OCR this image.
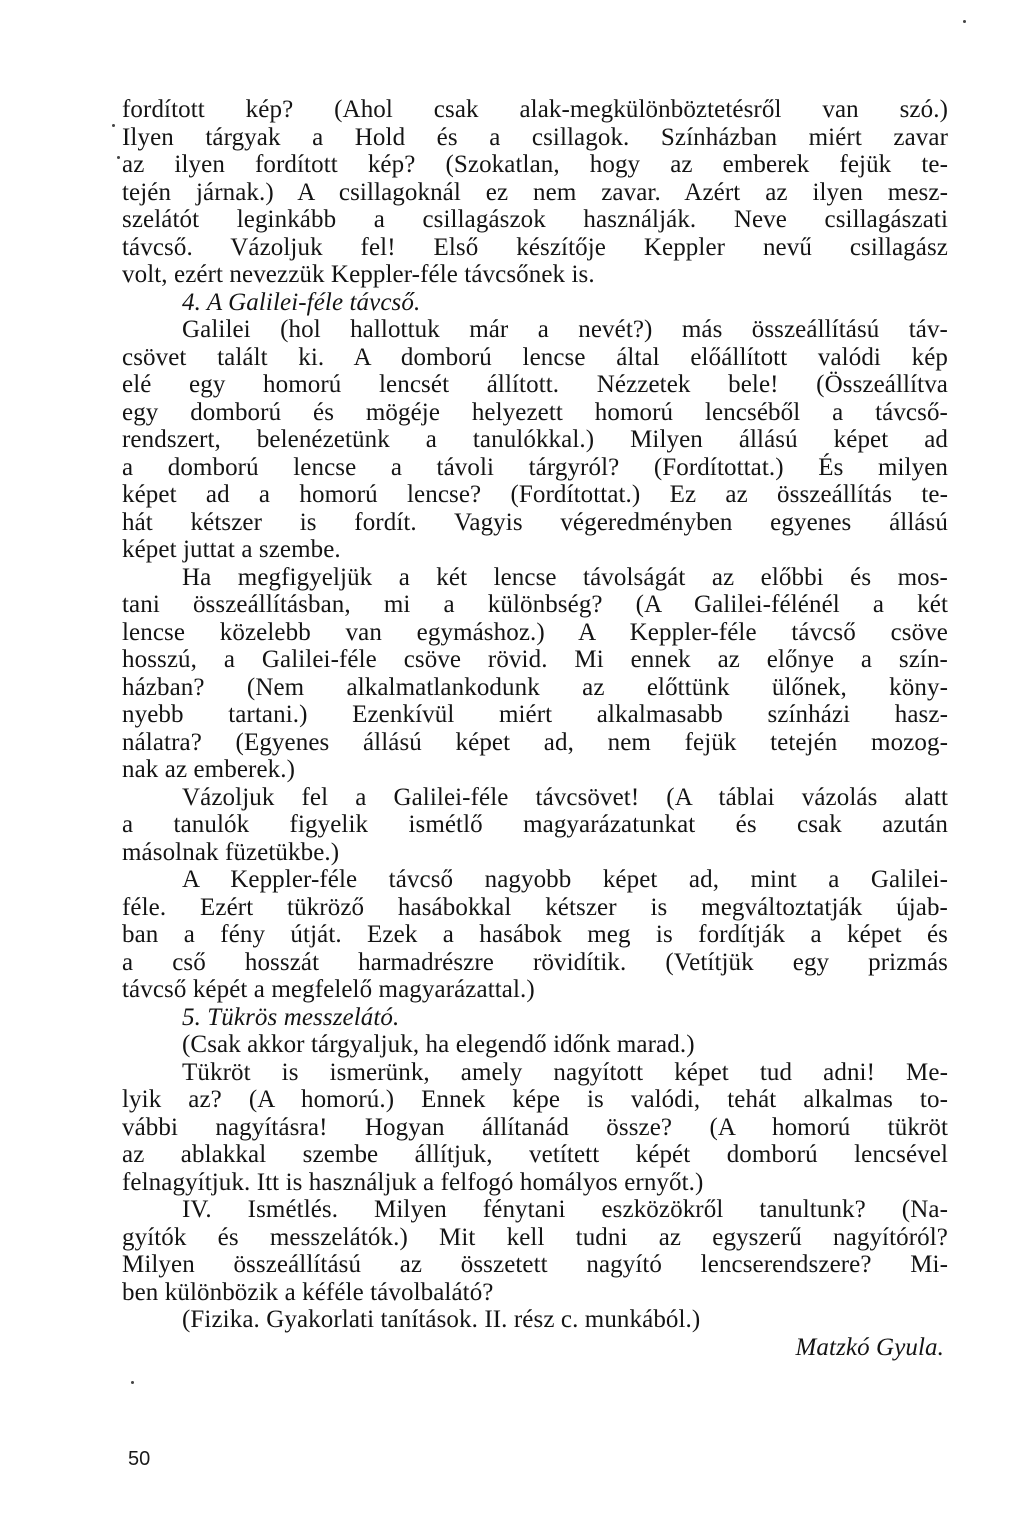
fordított kép? (Ahol csak alak-megkülönböztetésről van szó.)
Ilyen tárgyak a Hold és a csillagok. Színházban miért zavar
az ilyen fordított kép? (Szokatlan, hogy az emberek fejük te-
tején járnak.) A csillagoknál ez nem zavar. Azért az ilyen mesz-
szelátót leginkább a csillagászok használják. Neve csillagászati
távcső. Vázoljuk fel! Első készítője Keppler nevű csillagász
volt, ezért nevezzük Keppler-féle távcsőnek is.
4. A Galilei-féle távcső.
Galilei (hol hallottuk már a nevét?) más összeállítású táv-
csövet talált ki. A domború lencse által előállított valódi kép
elé egy homorú lencsét állított. Nézzetek bele! (Összeállítva
egy domború és mögéje helyezett homorú lencséből a távcső-
rendszert, belenézetünk a tanulókkal.) Milyen állású képet ad
a domború lencse a távoli tárgyról? (Fordítottat.) És milyen
képet ad a homorú lencse? (Fordítottat.) Ez az összeállítás te-
hát kétszer is fordít. Vagyis végeredményben egyenes állású
képet juttat a szembe.
Ha megfigyeljük a két lencse távolságát az előbbi és mos-
tani összeállításban, mi a különbség? (A Galilei-félénél a két
lencse közelebb van egymáshoz.) A Keppler-féle távcső csöve
hosszú, a Galilei-féle csöve rövid. Mi ennek az előnye a szín-
házban? (Nem alkalmatlankodunk az előttünk ülőnek, köny-
nyebb tartani.) Ezenkívül miért alkalmasabb színházi hasz-
nálatra? (Egyenes állású képet ad, nem fejük tetején mozog-
nak az emberek.)
Vázoljuk fel a Galilei-féle távcsövet! (A táblai vázolás alatt
a tanulók figyelik ismétlő magyarázatunkat és csak azután
másolnak füzetükbe.)
A Keppler-féle távcső nagyobb képet ad, mint a Galilei-
féle. Ezért tükröző hasábokkal kétszer is megváltoztatják újab-
ban a fény útját. Ezek a hasábok meg is fordítják a képet és
a cső hosszát harmadrészre rövidítik. (Vetítjük egy prizmás
távcső képét a megfelelő magyarázattal.)
5. Tükrös messzelátó.
(Csak akkor tárgyaljuk, ha elegendő időnk marad.)
Tükröt is ismerünk, amely nagyított képet tud adni! Me-
lyik az? (A homorú.) Ennek képe is valódi, tehát alkalmas to-
vábbi nagyításra! Hogyan állítanád össze? (A homorú tükröt
az ablakkal szembe állítjuk, vetített képét domború lencsével
felnagyítjuk. Itt is használjuk a felfogó homályos ernyőt.)
IV. Ismétlés. Milyen fénytani eszközökről tanultunk? (Na-
gyítók és messzelátók.) Mit kell tudni az egyszerű nagyítóról?
Milyen összeállítású az összetett nagyító lencserendszere? Mi-
ben különbözik a kéféle távolbalátó?
(Fizika. Gyakorlati tanítások. II. rész c. munkából.)
Matzkó Gyula.
50
